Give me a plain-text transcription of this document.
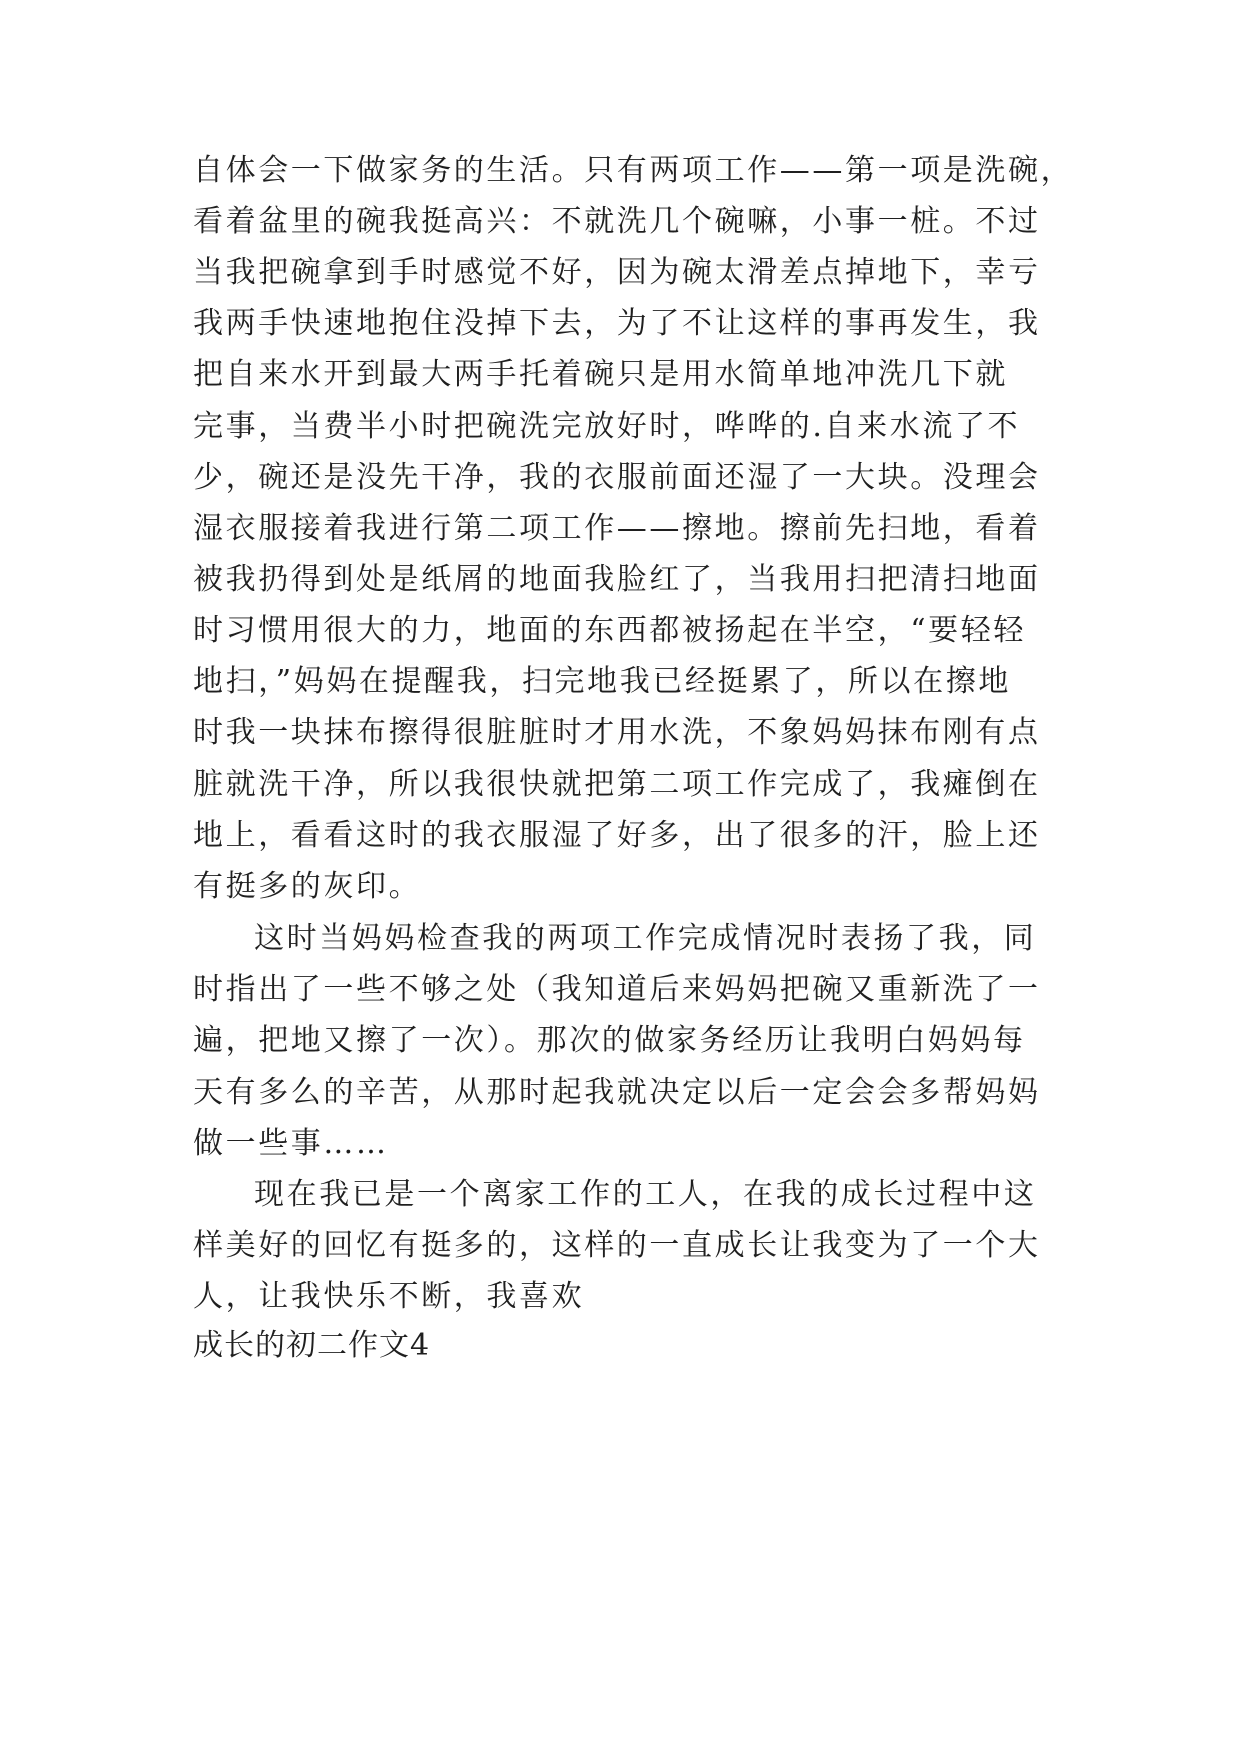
自体会一下做家务的生活。只有两项工作——第一项是洗碗，
看着盆里的碗我挺高兴：不就洗几个碗嘛，小事一桩。不过
当我把碗拿到手时感觉不好，因为碗太滑差点掉地下，幸亏
我两手快速地抱住没掉下去，为了不让这样的事再发生，我
把自来水开到最大两手托着碗只是用水简单地冲洗几下就
完事，当费半小时把碗洗完放好时，哗哗的.自来水流了不
少，碗还是没先干净，我的衣服前面还湿了一大块。没理会
湿衣服接着我进行第二项工作——擦地。擦前先扫地，看着
被我扔得到处是纸屑的地面我脸红了，当我用扫把清扫地面
时习惯用很大的力，地面的东西都被扬起在半空，“要轻轻
地扫，”妈妈在提醒我，扫完地我已经挺累了，所以在擦地
时我一块抹布擦得很脏脏时才用水洗，不象妈妈抹布刚有点
脏就洗干净，所以我很快就把第二项工作完成了，我瘫倒在
地上，看看这时的我衣服湿了好多，出了很多的汗，脸上还
有挺多的灰印。
这时当妈妈检查我的两项工作完成情况时表扬了我，同
时指出了一些不够之处（我知道后来妈妈把碗又重新洗了一
遍，把地又擦了一次）。那次的做家务经历让我明白妈妈每
天有多么的辛苦，从那时起我就决定以后一定会会多帮妈妈
做一些事……
现在我已是一个离家工作的工人，在我的成长过程中这
样美好的回忆有挺多的，这样的一直成长让我变为了一个大
人，让我快乐不断，我喜欢
成长的初二作文4
